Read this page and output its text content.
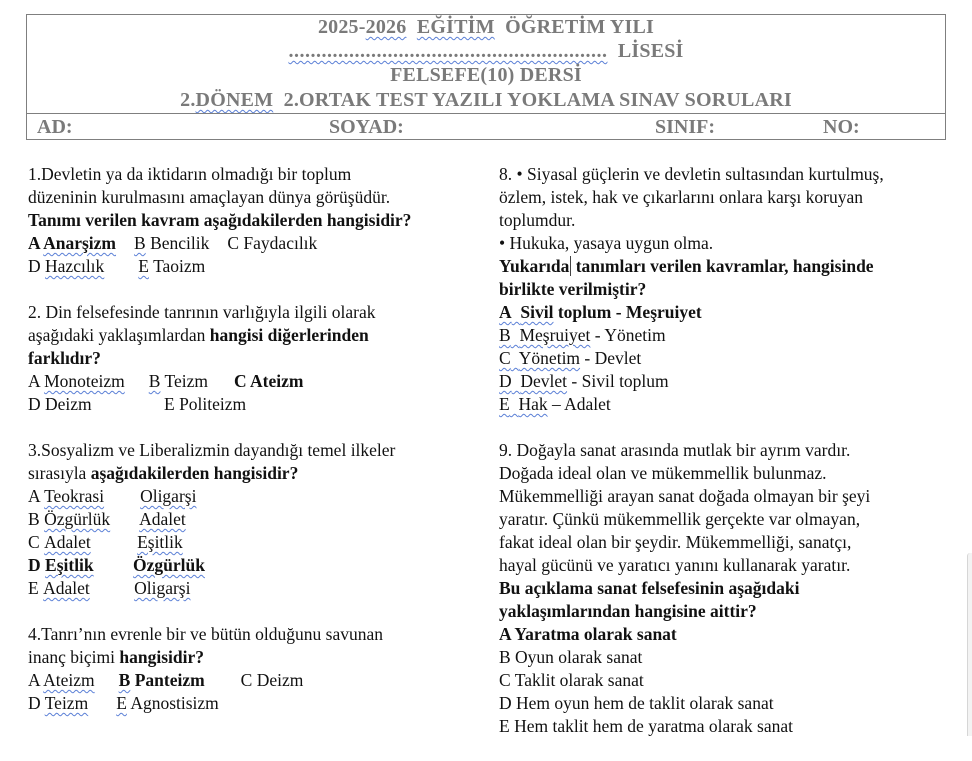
2025-2026 EĞİTİM ÖĞRETİM YILI
.......................................................... LİSESİ
FELSEFE(10) DERSİ
2.DÖNEM 2.ORTAK TEST YAZILI YOKLAMA SINAV SORULARI
AD:	SOYAD:	SINIF:	NO:
1.Devletin ya da iktidarın olmadığı bir toplum
düzeninin kurulmasını amaçlayan dünya görüşüdür.
Tanımı verilen kavram aşağıdakilerden hangisidir?
A Anarşizm B Bencilik C Faydacılık
D Hazcılık E Taoizm
2. Din felsefesinde tanrının varlığıyla ilgili olarak
aşağıdaki yaklaşımlardan hangisi diğerlerinden
farklıdır?
A Monoteizm B Teizm C Ateizm
D Deizm	E Politeizm
3.Sosyalizm ve Liberalizmin dayandığı temel ilkeler
sırasıyla aşağıdakilerden hangisidir?
A Teokrasi Oligarşi
B Özgürlük Adalet
C Adalet	Eşitlik
D Eşitlik Özgürlük
E Adalet	Oligarşi
4.Tanrı’nın evrenle bir ve bütün olduğunu savunan
inanç biçimi hangisidir?
A Ateizm B Panteizm C Deizm
D Teizm E Agnostisizm
8. • Siyasal güçlerin ve devletin sultasından kurtulmuş,
özlem, istek, hak ve çıkarlarını onlara karşı koruyan
toplumdur.
• Hukuka, yasaya uygun olma.
Yukarıda tanımları verilen kavramlar, hangisinde
birlikte verilmiştir?
A Sivil toplum - Meşruiyet
B Meşruiyet - Yönetim
C Yönetim - Devlet
D Devlet - Sivil toplum
E Hak – Adalet
9. Doğayla sanat arasında mutlak bir ayrım vardır.
Doğada ideal olan ve mükemmellik bulunmaz.
Mükemmelliği arayan sanat doğada olmayan bir şeyi
yaratır. Çünkü mükemmellik gerçekte var olmayan,
fakat ideal olan bir şeydir. Mükemmelliği, sanatçı,
hayal gücünü ve yaratıcı yanını kullanarak yaratır.
Bu açıklama sanat felsefesinin aşağıdaki
yaklaşımlarından hangisine aittir?
A Yaratma olarak sanat
B Oyun olarak sanat
C Taklit olarak sanat
D Hem oyun hem de taklit olarak sanat
E Hem taklit hem de yaratma olarak sanat
